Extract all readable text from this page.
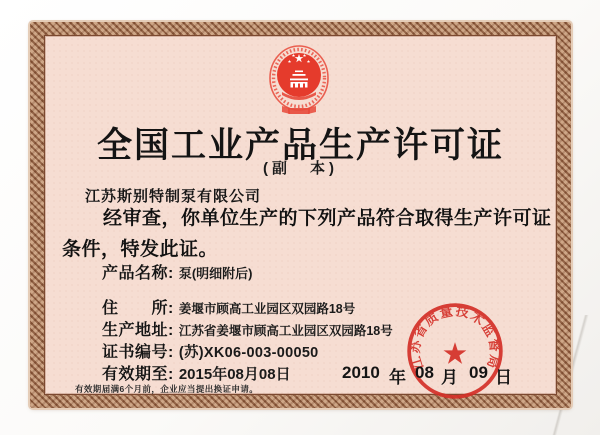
全国工业产品生产许可证
(副　本)
江苏斯别特制泵有限公司
经审查，你单位生产的下列产品符合取得生产许可证
条件，特发此证。
产品名称: 泵(明细附后)
住　　所: 姜堰市顾高工业园区双园路18号
生产地址: 江苏省姜堰市顾高工业园区双园路18号
证书编号: (苏)XK06-003-00050
有效期至: 2015年08月08日
有效期届满6个月前，企业应当提出换证申请。
江苏省质量技术监督局
2010 年 08 月 09 日
